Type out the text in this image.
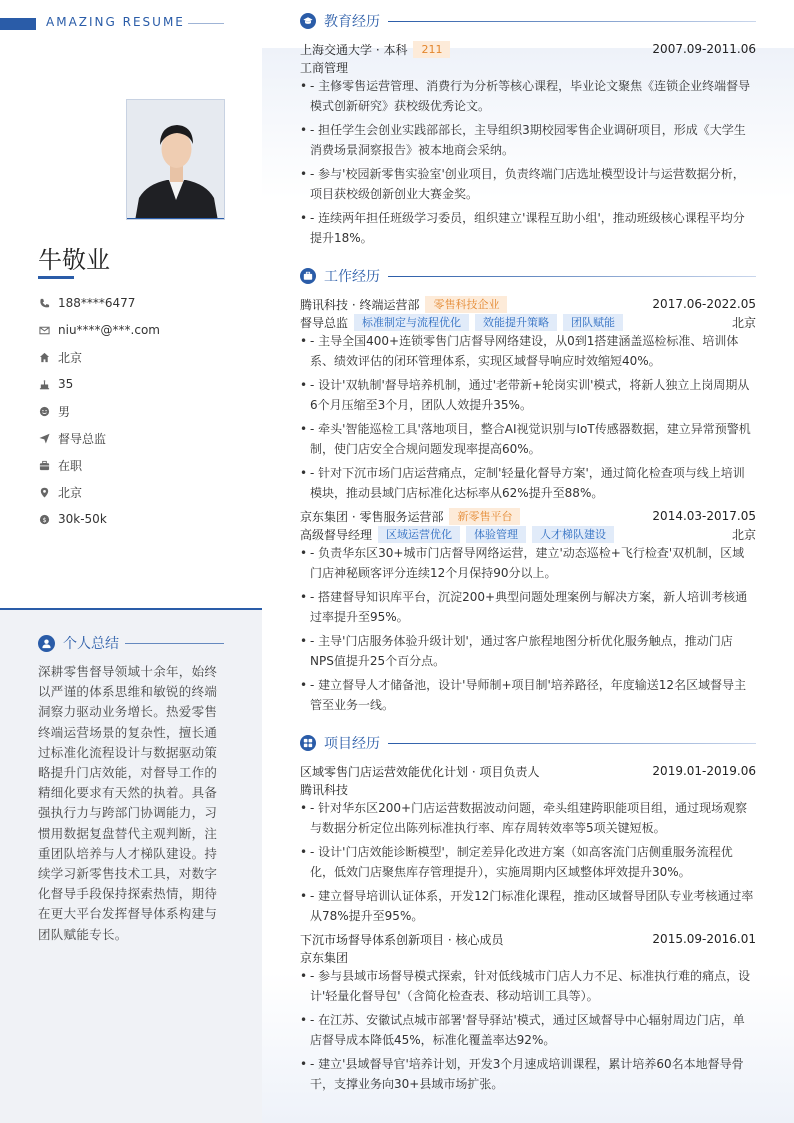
AMAZING RESUME
牛敬业
188****6477
niu****@***.com
北京
35
男
督导总监
在职
北京
$ 30k-50k
个人总结
深耕零售督导领域十余年，始终以严谨的体系思维和敏锐的终端洞察力驱动业务增长。热爱零售终端运营场景的复杂性，擅长通过标准化流程设计与数据驱动策略提升门店效能，对督导工作的精细化要求有天然的执着。具备强执行力与跨部门协调能力，习惯用数据复盘替代主观判断，注重团队培养与人才梯队建设。持续学习新零售技术工具，对数字化督导手段保持探索热情，期待在更大平台发挥督导体系构建与团队赋能专长。
教育经历
上海交通大学 · 本科	211	2007.09-2011.06
工商管理
• - 主修零售运营管理、消费行为分析等核心课程，毕业论文聚焦《连锁企业终端督导模式创新研究》获校级优秀论文。
• - 担任学生会创业实践部部长，主导组织3期校园零售企业调研项目，形成《大学生消费场景洞察报告》被本地商会采纳。
• - 参与'校园新零售实验室'创业项目，负责终端门店选址模型设计与运营数据分析，项目获校级创新创业大赛金奖。
• - 连续两年担任班级学习委员，组织建立'课程互助小组'，推动班级核心课程平均分提升18%。
工作经历
腾讯科技 · 终端运营部	零售科技企业	2017.06-2022.05
督导总监	标准制定与流程优化	效能提升策略	团队赋能	北京
• - 主导全国400+连锁零售门店督导网络建设，从0到1搭建涵盖巡检标准、培训体系、绩效评估的闭环管理体系，实现区域督导响应时效缩短40%。
• - 设计'双轨制'督导培养机制，通过'老带新+轮岗实训'模式，将新人独立上岗周期从6个月压缩至3个月，团队人效提升35%。
• - 牵头'智能巡检工具'落地项目，整合AI视觉识别与IoT传感器数据，建立异常预警机制，使门店安全合规问题发现率提高60%。
• - 针对下沉市场门店运营痛点，定制'轻量化督导方案'，通过简化检查项与线上培训模块，推动县域门店标准化达标率从62%提升至88%。
京东集团 · 零售服务运营部	新零售平台	2014.03-2017.05
高级督导经理	区域运营优化	体验管理	人才梯队建设	北京
• - 负责华东区30+城市门店督导网络运营，建立'动态巡检+飞行检查'双机制，区域门店神秘顾客评分连续12个月保持90分以上。
• - 搭建督导知识库平台，沉淀200+典型问题处理案例与解决方案，新人培训考核通过率提升至95%。
• - 主导'门店服务体验升级计划'，通过客户旅程地图分析优化服务触点，推动门店NPS值提升25个百分点。
• - 建立督导人才储备池，设计'导师制+项目制'培养路径，年度输送12名区域督导主管至业务一线。
项目经历
区域零售门店运营效能优化计划 · 项目负责人	2019.01-2019.06
腾讯科技
• - 针对华东区200+门店运营数据波动问题，牵头组建跨职能项目组，通过现场观察与数据分析定位出陈列标准执行率、库存周转效率等5项关键短板。
• - 设计'门店效能诊断模型'，制定差异化改进方案（如高客流门店侧重服务流程优化，低效门店聚焦库存管理提升），实施周期内区域整体坪效提升30%。
• - 建立督导培训认证体系，开发12门标准化课程，推动区域督导团队专业考核通过率从78%提升至95%。
下沉市场督导体系创新项目 · 核心成员	2015.09-2016.01
京东集团
• - 参与县域市场督导模式探索，针对低线城市门店人力不足、标准执行难的痛点，设计'轻量化督导包'（含简化检查表、移动培训工具等）。
• - 在江苏、安徽试点城市部署'督导驿站'模式，通过区域督导中心辐射周边门店，单店督导成本降低45%，标准化覆盖率达92%。
• - 建立'县域督导官'培养计划，开发3个月速成培训课程，累计培养60名本地督导骨干，支撑业务向30+县域市场扩张。
